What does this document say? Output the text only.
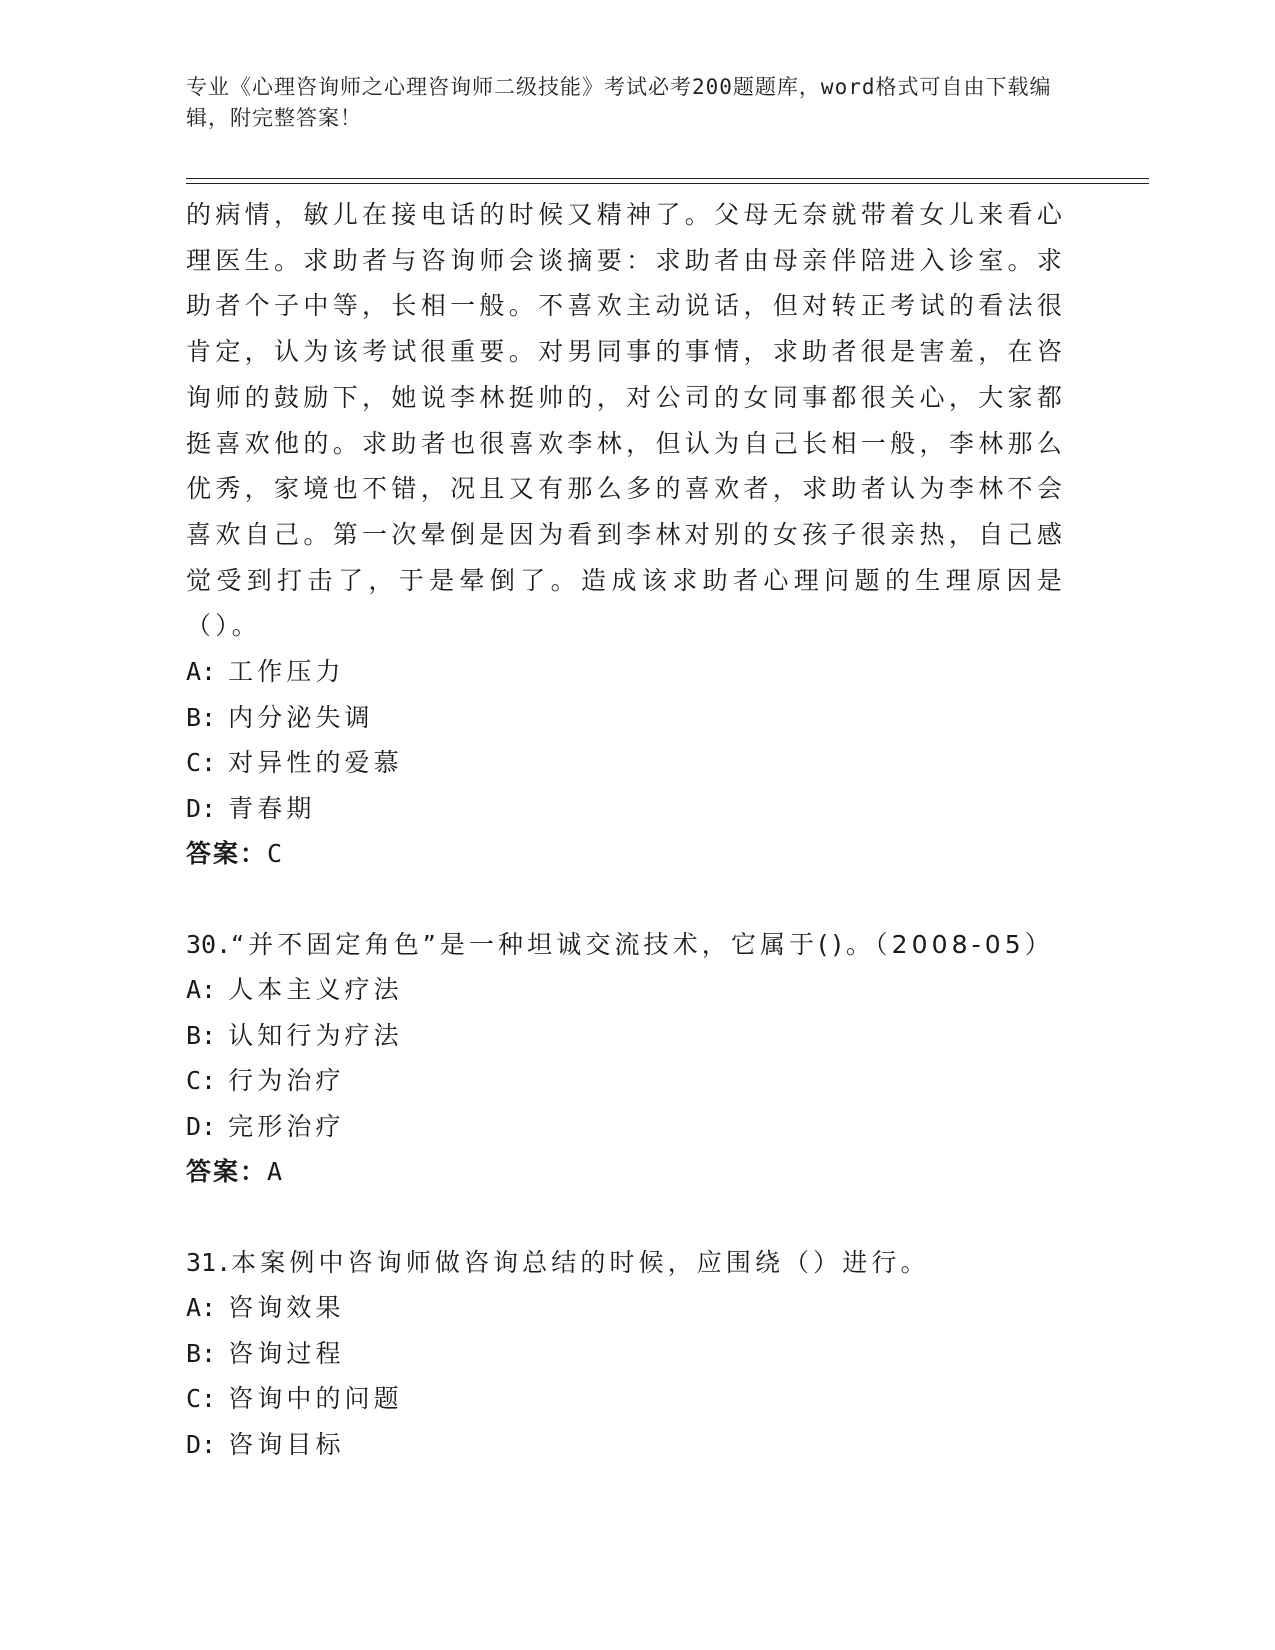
专业《心理咨询师之心理咨询师二级技能》考试必考200题题库，word格式可自由下载编辑，附完整答案！

的病情，敏儿在接电话的时候又精神了。父母无奈就带着女儿来看心理医生。求助者与咨询师会谈摘要：求助者由母亲伴陪进入诊室。求助者个子中等，长相一般。不喜欢主动说话，但对转正考试的看法很肯定，认为该考试很重要。对男同事的事情，求助者很是害羞，在咨询师的鼓励下，她说李林挺帅的，对公司的女同事都很关心，大家都挺喜欢他的。求助者也很喜欢李林，但认为自己长相一般，李林那么优秀，家境也不错，况且又有那么多的喜欢者，求助者认为李林不会喜欢自己。第一次晕倒是因为看到李林对别的女孩子很亲热，自己感觉受到打击了，于是晕倒了。造成该求助者心理问题的生理原因是（）。

A: 工作压力

B: 内分泌失调

C: 对异性的爱慕

D: 青春期

答案：C

30.“并不固定角色”是一种坦诚交流技术，它属于()。（2008-05）

A: 人本主义疗法

B: 认知行为疗法

C: 行为治疗

D: 完形治疗

答案：A

31.本案例中咨询师做咨询总结的时候，应围绕（）进行。

A: 咨询效果

B: 咨询过程

C: 咨询中的问题

D: 咨询目标
